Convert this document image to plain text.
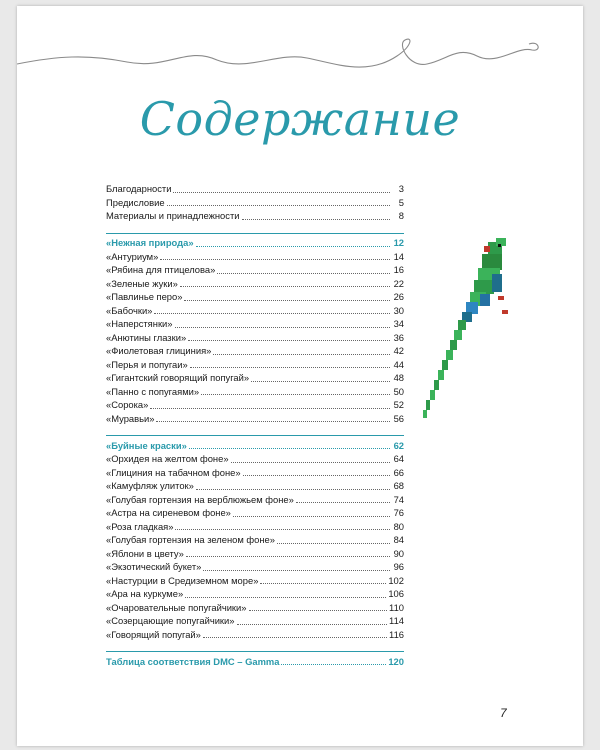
Содержание
Благодарности	3
Предисловие	5
Материалы и принадлежности	8
«Нежная природа»	12
«Антуриум»	14
«Рябина для птицелова»	16
«Зеленые жуки»	22
«Павлинье перо»	26
«Бабочки»	30
«Наперстянки»	34
«Анютины глазки»	36
«Фиолетовая глициния»	42
«Перья и попугаи»	44
«Гигантский говорящий попугай»	48
«Панно с попугаями»	50
«Сорока»	52
«Муравьи»	56
«Буйные краски»	62
«Орхидея на желтом фоне»	64
«Глициния на табачном фоне»	66
«Камуфляж улиток»	68
«Голубая гортензия на верблюжьем фоне»	74
«Астра на сиреневом фоне»	76
«Роза гладкая»	80
«Голубая гортензия на зеленом фоне»	84
«Яблони в цвету»	90
«Экзотический букет»	96
«Настурции в Средиземном море»	102
«Ара на куркуме»	106
«Очаровательные попугайчики»	110
«Созерцающие попугайчики»	114
«Говорящий попугай»	116
Таблица соответствия DMC – Gamma	120
7
